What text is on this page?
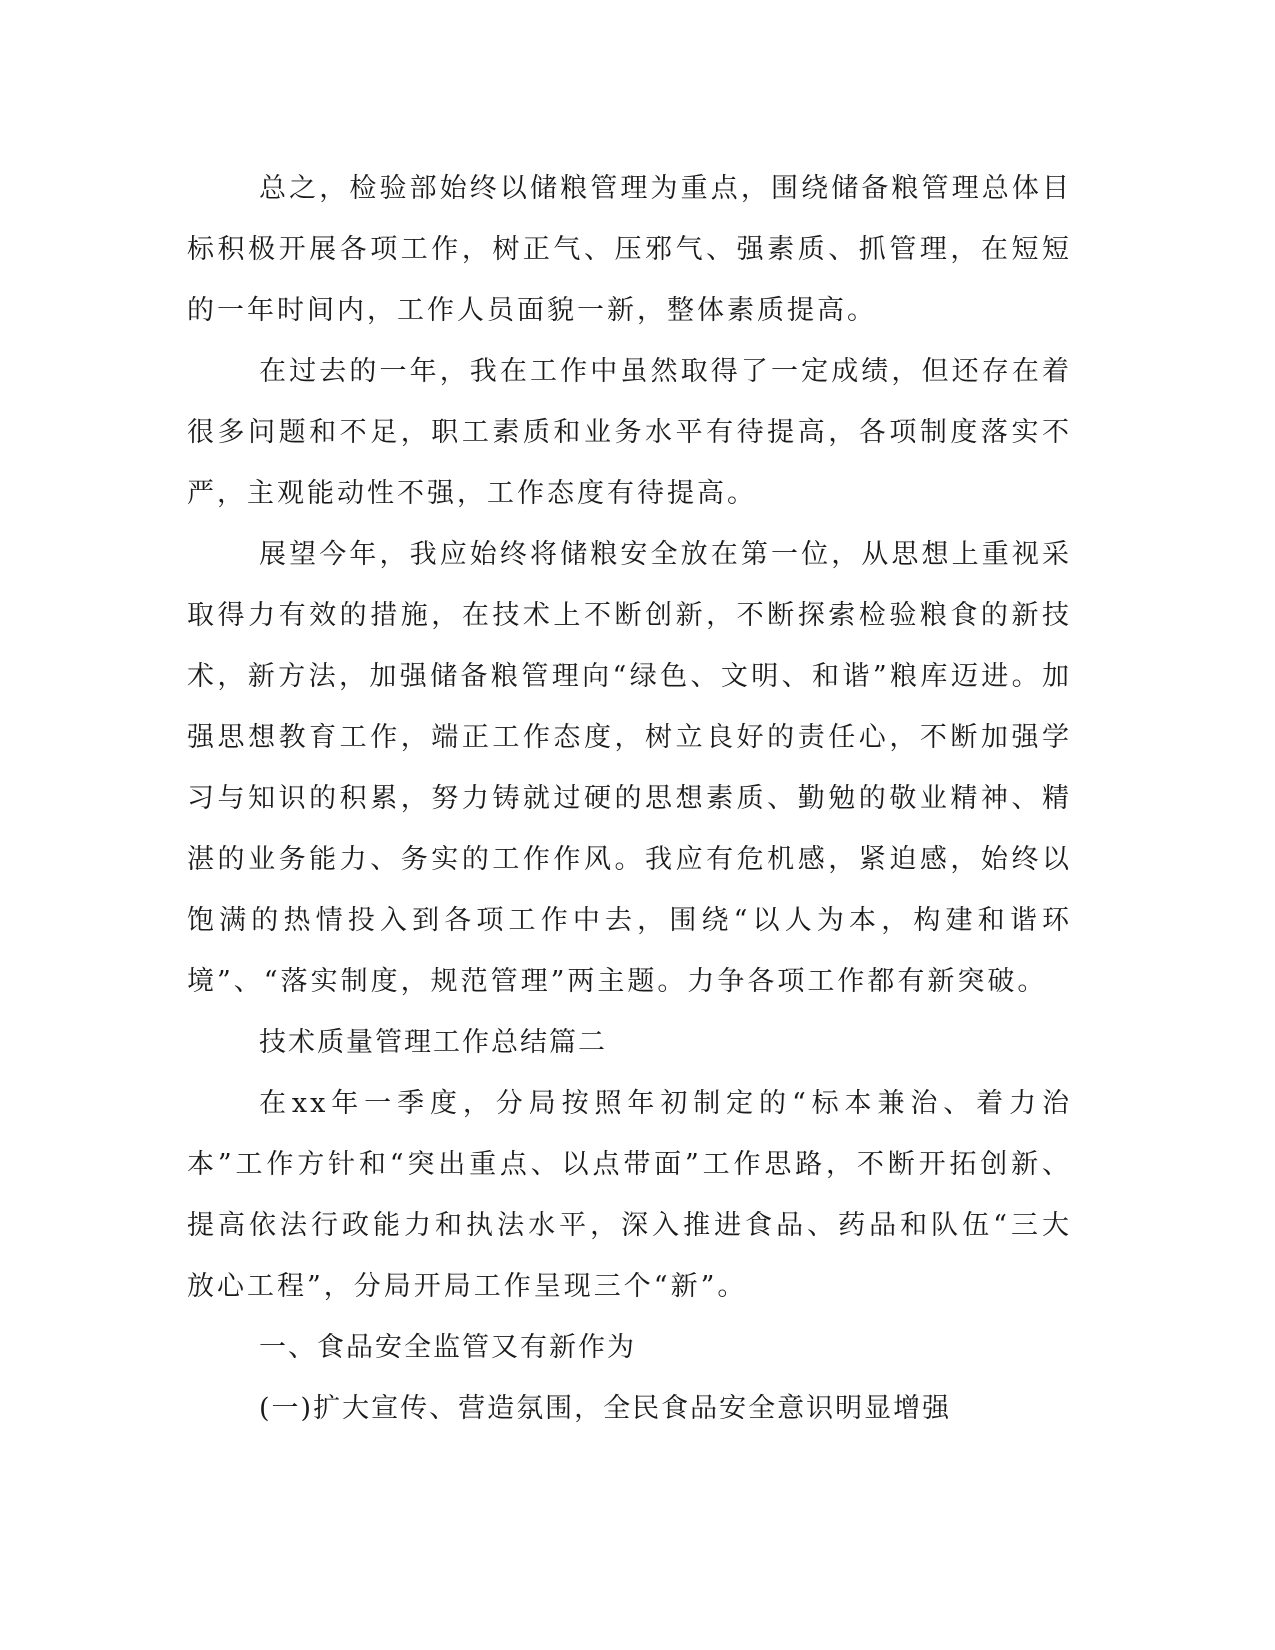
总之，检验部始终以储粮管理为重点，围绕储备粮管理总体目标积极开展各项工作，树正气、压邪气、强素质、抓管理，在短短的一年时间内，工作人员面貌一新，整体素质提高。

在过去的一年，我在工作中虽然取得了一定成绩，但还存在着很多问题和不足，职工素质和业务水平有待提高，各项制度落实不严，主观能动性不强，工作态度有待提高。

展望今年，我应始终将储粮安全放在第一位，从思想上重视采取得力有效的措施，在技术上不断创新，不断探索检验粮食的新技术，新方法，加强储备粮管理向“绿色、文明、和谐”粮库迈进。加强思想教育工作，端正工作态度，树立良好的责任心，不断加强学习与知识的积累，努力铸就过硬的思想素质、勤勉的敬业精神、精湛的业务能力、务实的工作作风。我应有危机感，紧迫感，始终以饱满的热情投入到各项工作中去，围绕“以人为本，构建和谐环境”、“落实制度，规范管理”两主题。力争各项工作都有新突破。

技术质量管理工作总结篇二

在xx年一季度，分局按照年初制定的“标本兼治、着力治本”工作方针和“突出重点、以点带面”工作思路，不断开拓创新、提高依法行政能力和执法水平，深入推进食品、药品和队伍“三大放心工程”，分局开局工作呈现三个“新”。

一、食品安全监管又有新作为

(一)扩大宣传、营造氛围，全民食品安全意识明显增强
